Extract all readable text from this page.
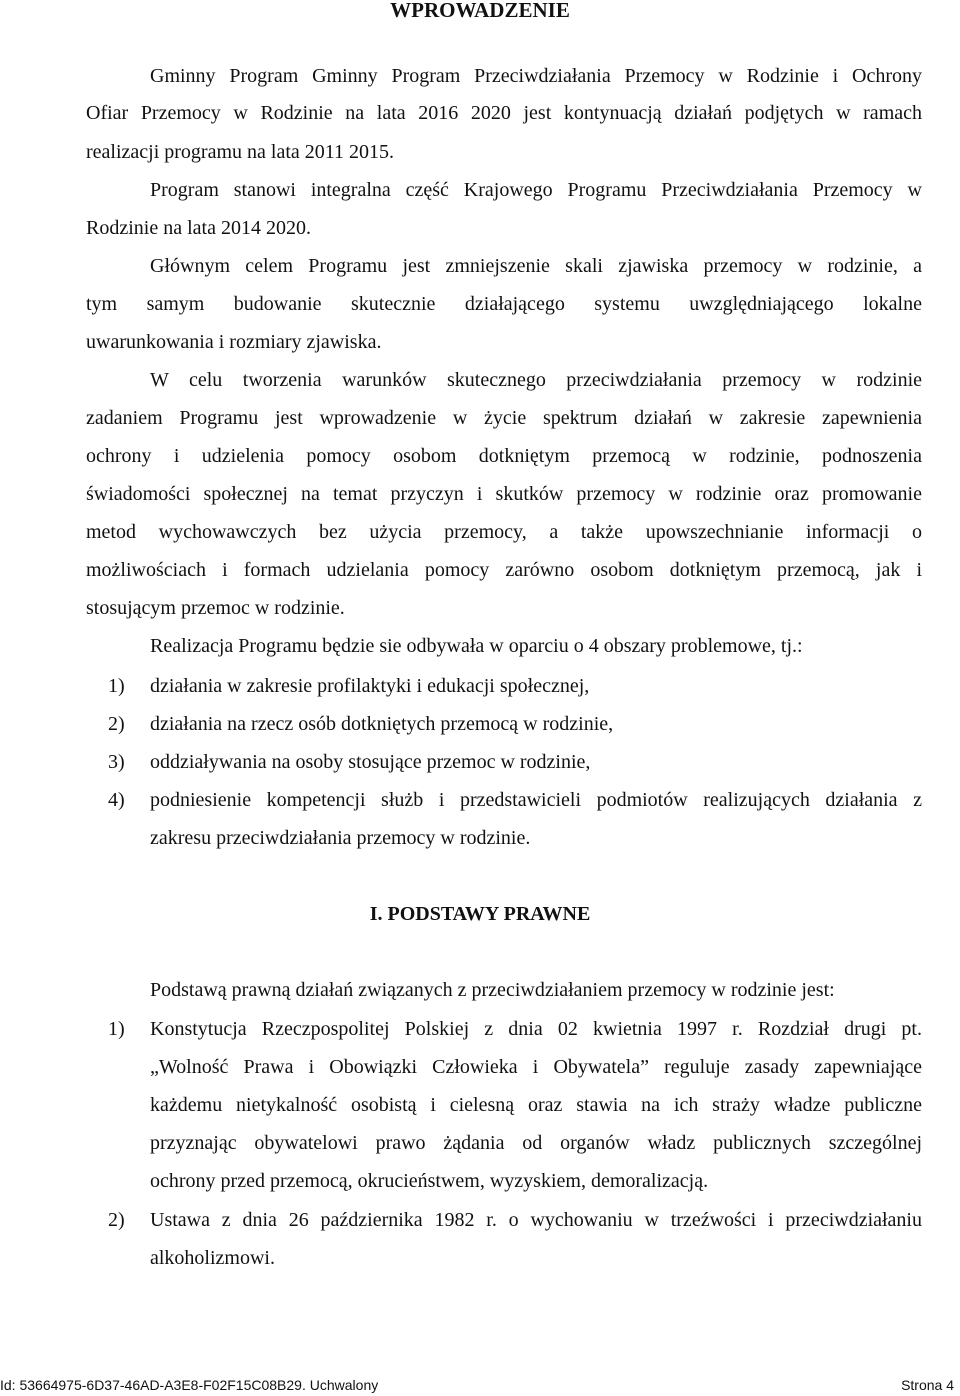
WPROWADZENIE
Gminny Program Gminny Program Przeciwdziałania Przemocy w Rodzinie i Ochrony
Ofiar Przemocy w Rodzinie na lata 2016 2020 jest kontynuacją działań podjętych w ramach
realizacji programu na lata 2011 2015.
Program stanowi integralna część Krajowego Programu Przeciwdziałania Przemocy w
Rodzinie na lata 2014 2020.
Głównym celem Programu jest zmniejszenie skali zjawiska przemocy w rodzinie, a
tym samym budowanie skutecznie działającego systemu uwzględniającego lokalne
uwarunkowania i rozmiary zjawiska.
W celu tworzenia warunków skutecznego przeciwdziałania przemocy w rodzinie
zadaniem Programu jest wprowadzenie w życie spektrum działań w zakresie zapewnienia
ochrony i udzielenia pomocy osobom dotkniętym przemocą w rodzinie, podnoszenia
świadomości społecznej na temat przyczyn i skutków przemocy w rodzinie oraz promowanie
metod wychowawczych bez użycia przemocy, a także upowszechnianie informacji o
możliwościach i formach udzielania pomocy zarówno osobom dotkniętym przemocą, jak i
stosującym przemoc w rodzinie.
Realizacja Programu będzie sie odbywała w oparciu o 4 obszary problemowe, tj.:
1) działania w zakresie profilaktyki i edukacji społecznej,
2) działania na rzecz osób dotkniętych przemocą w rodzinie,
3) oddziaływania na osoby stosujące przemoc w rodzinie,
4) podniesienie kompetencji służb i przedstawicieli podmiotów realizujących działania z
zakresu przeciwdziałania przemocy w rodzinie.
I. PODSTAWY PRAWNE
Podstawą prawną działań związanych z przeciwdziałaniem przemocy w rodzinie jest:
1) Konstytucja Rzeczpospolitej Polskiej z dnia 02 kwietnia 1997 r. Rozdział drugi pt.
„Wolność Prawa i Obowiązki Człowieka i Obywatela” reguluje zasady zapewniające
każdemu nietykalność osobistą i cielesną oraz stawia na ich straży władze publiczne
przyznając obywatelowi prawo żądania od organów władz publicznych szczególnej
ochrony przed przemocą, okrucieństwem, wyzyskiem, demoralizacją.
2) Ustawa z dnia 26 października 1982 r. o wychowaniu w trzeźwości i przeciwdziałaniu
alkoholizmowi.
Id: 53664975-6D37-46AD-A3E8-F02F15C08B29. Uchwalony	Strona 4
